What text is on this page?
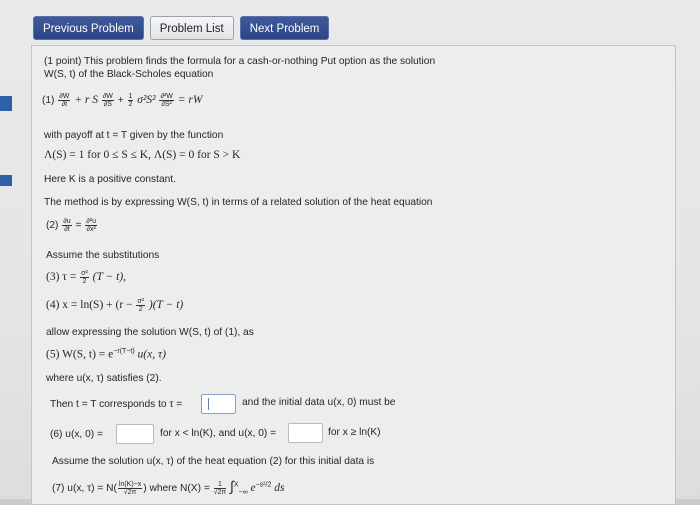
Previous Problem	Problem List	Next Problem
(1 point) This problem finds the formula for a cash-or-nothing Put option as the solution
W(S, t) of the Black-Scholes equation
$(1) \frac{\partial W}{\partial t} + r$ S $\frac{\partial W}{\partial S} + \frac{1}{2} \sigma^2S^2 \frac{\text{∂²W}}{\text{∂S²}}$ = rW
with payoff at t = T given by the function
Λ(S) = 1 for 0 ≤ S ≤ K, Λ(S) = 0 for S > K
Here K is a positive constant.
The method is by expressing W(S, t) in terms of a related solution of the heat equation
$(2) \frac{\partial u}{\partial t} = \frac{\text{∂²u}}{\text{∂x²}}$
Assume the substitutions
(3) $\tau = \frac{\text{σ²}}{2} (T - t)$,
(4) $x = \ln(S) + (r - \frac{\text{σ²}}{2} )(T - t)$
allow expressing the solution W(S, t) of (1), as
(5) W(S, $t) = e^{-r(T-t)}$ u(x, τ)
where u(x, τ) satisfies (2).
Then t = T corresponds to τ =	and the initial data u(x, 0) must be
(6) u(x, 0) =	for x < ln(K), and u(x, 0) =	for x ≥ ln(K)
Assume the solution u(x, τ) of the heat equation (2) for this initial data is
(7) u(x, $\tau) = N( \frac{\ln(K)-x}{√2\pi}$ ) where $N(X) = \frac{1}{√2\pi} \int^X_{-\infty}$ $e^{-s^2/2}$ ds
